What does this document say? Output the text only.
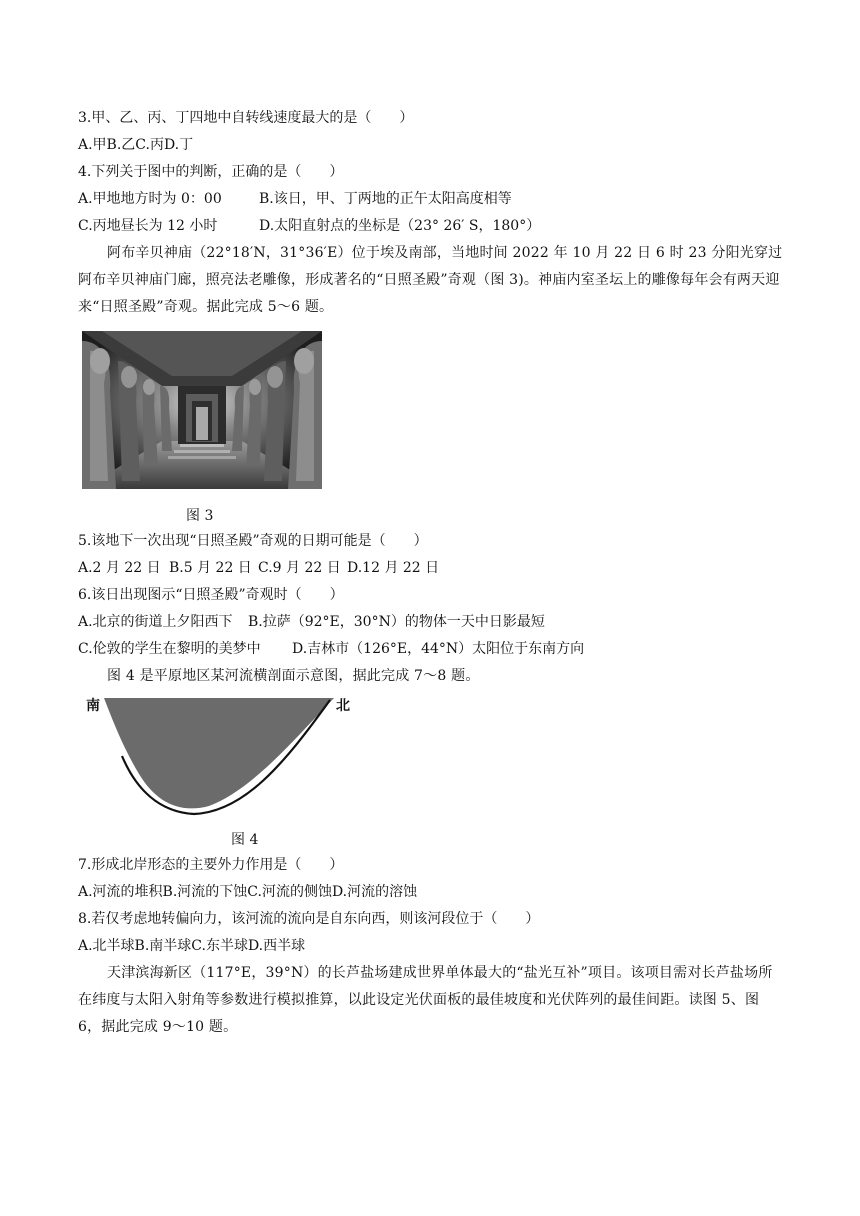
3.甲、乙、丙、丁四地中自转线速度最大的是（　　）
A.甲B.乙C.丙D.丁
4.下列关于图中的判断，正确的是（　　）
A.甲地地方时为 0：00	B.该日，甲、丁两地的正午太阳高度相等
C.丙地昼长为 12 小时	D.太阳直射点的坐标是（23° 26′ S，180°）
阿布辛贝神庙（22°18′N，31°36′E）位于埃及南部，当地时间 2022 年 10 月 22 日 6 时 23 分阳光穿过阿布辛贝神庙门廊，照亮法老雕像，形成著名的“日照圣殿”奇观（图 3)。神庙内室圣坛上的雕像每年会有两天迎来“日照圣殿”奇观。据此完成 5～6 题。
图 3
5.该地下一次出现“日照圣殿”奇观的日期可能是（　　）
A.2 月 22 日 B.5 月 22 日 C.9 月 22 日 D.12 月 22 日
6.该日出现图示“日照圣殿”奇观时（　　）
A.北京的街道上夕阳西下 B.拉萨（92°E，30°N）的物体一天中日影最短
C.伦敦的学生在黎明的美梦中 D.吉林市（126°E，44°N）太阳位于东南方向
图 4 是平原地区某河流横剖面示意图，据此完成 7～8 题。
南	北
图 4
7.形成北岸形态的主要外力作用是（　　）
A.河流的堆积B.河流的下蚀C.河流的侧蚀D.河流的溶蚀
8.若仅考虑地转偏向力，该河流的流向是自东向西，则该河段位于（　　）
A.北半球B.南半球C.东半球D.西半球
天津滨海新区（117°E，39°N）的长芦盐场建成世界单体最大的“盐光互补”项目。该项目需对长芦盐场所在纬度与太阳入射角等参数进行模拟推算，以此设定光伏面板的最佳坡度和光伏阵列的最佳间距。读图 5、图 6，据此完成 9～10 题。
